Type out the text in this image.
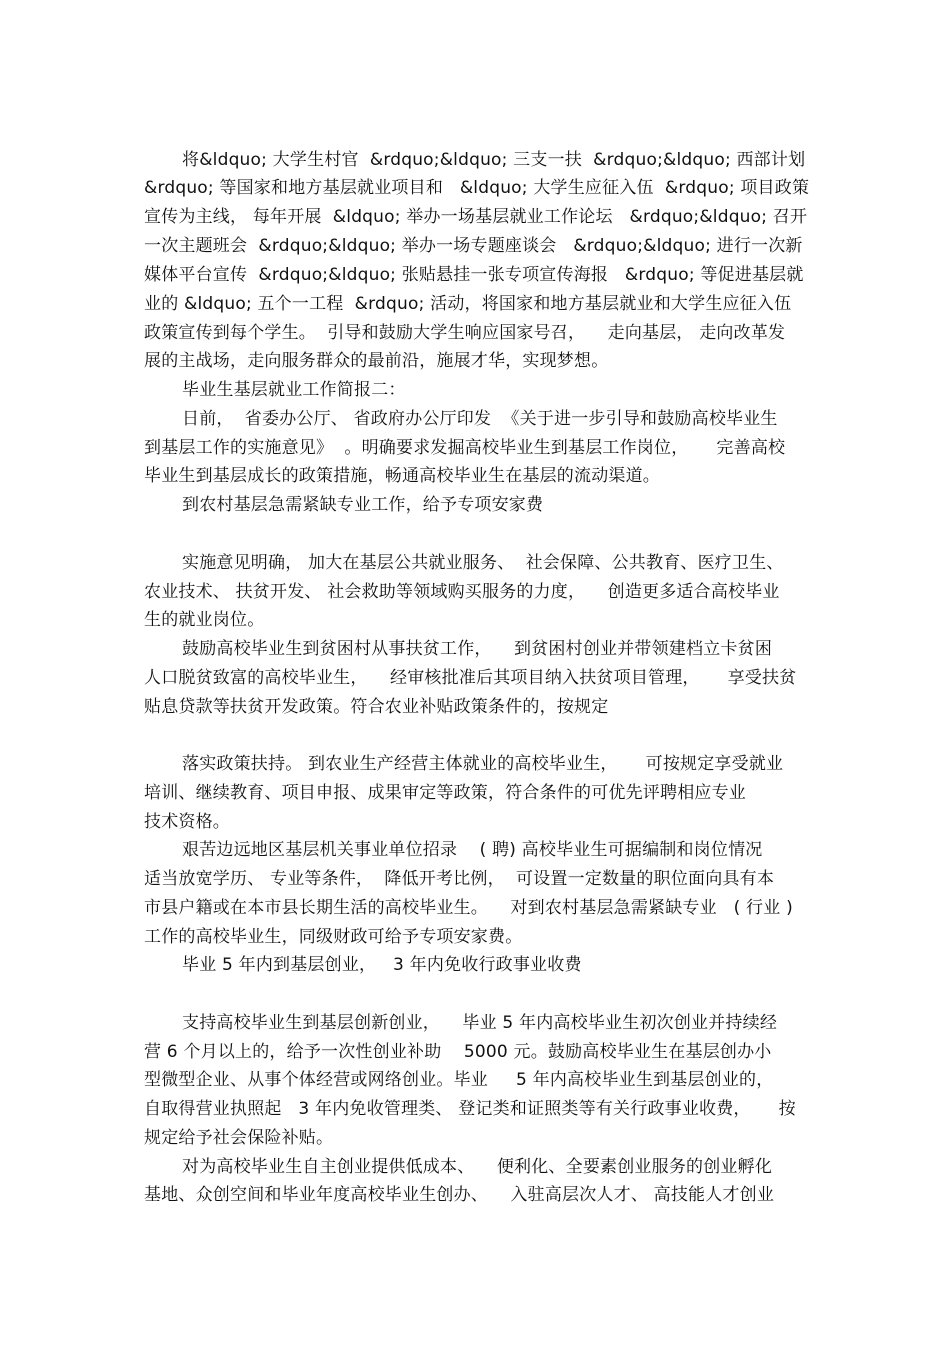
将&ldquo; 大学生村官  &rdquo;&ldquo; 三支一扶  &rdquo;&ldquo; 西部计划
&rdquo; 等国家和地方基层就业项目和   &ldquo; 大学生应征入伍  &rdquo; 项目政策
宣传为主线， 每年开展  &ldquo; 举办一场基层就业工作论坛   &rdquo;&ldquo; 召开
一次主题班会  &rdquo;&ldquo; 举办一场专题座谈会   &rdquo;&ldquo; 进行一次新
媒体平台宣传  &rdquo;&ldquo; 张贴悬挂一张专项宣传海报   &rdquo; 等促进基层就
业的 &ldquo; 五个一工程  &rdquo; 活动，将国家和地方基层就业和大学生应征入伍
政策宣传到每个学生。  引导和鼓励大学生响应国家号召，    走向基层， 走向改革发
展的主战场，走向服务群众的最前沿，施展才华，实现梦想。
毕业生基层就业工作简报二：
日前，  省委办公厅、 省政府办公厅印发  《关于进一步引导和鼓励高校毕业生
到基层工作的实施意见》  。明确要求发掘高校毕业生到基层工作岗位，     完善高校
毕业生到基层成长的政策措施，畅通高校毕业生在基层的流动渠道。
到农村基层急需紧缺专业工作，给予专项安家费
实施意见明确， 加大在基层公共就业服务、  社会保障、公共教育、医疗卫生、
农业技术、 扶贫开发、 社会救助等领域购买服务的力度，    创造更多适合高校毕业
生的就业岗位。
鼓励高校毕业生到贫困村从事扶贫工作，    到贫困村创业并带领建档立卡贫困
人口脱贫致富的高校毕业生，    经审核批准后其项目纳入扶贫项目管理，     享受扶贫
贴息贷款等扶贫开发政策。符合农业补贴政策条件的，按规定
落实政策扶持。 到农业生产经营主体就业的高校毕业生，     可按规定享受就业
培训、继续教育、项目申报、成果审定等政策，符合条件的可优先评聘相应专业
技术资格。
艰苦边远地区基层机关事业单位招录    ( 聘) 高校毕业生可据编制和岗位情况
适当放宽学历、 专业等条件，  降低开考比例，  可设置一定数量的职位面向具有本
市县户籍或在本市县长期生活的高校毕业生。    对到农村基层急需紧缺专业   ( 行业 )
工作的高校毕业生，同级财政可给予专项安家费。
毕业 5 年内到基层创业，   3 年内免收行政事业收费
支持高校毕业生到基层创新创业，    毕业 5 年内高校毕业生初次创业并持续经
营 6 个月以上的，给予一次性创业补助    5000 元。鼓励高校毕业生在基层创办小
型微型企业、从事个体经营或网络创业。毕业     5 年内高校毕业生到基层创业的，
自取得营业执照起   3 年内免收管理类、 登记类和证照类等有关行政事业收费，     按
规定给予社会保险补贴。
对为高校毕业生自主创业提供低成本、    便利化、全要素创业服务的创业孵化
基地、众创空间和毕业年度高校毕业生创办、    入驻高层次人才、 高技能人才创业
